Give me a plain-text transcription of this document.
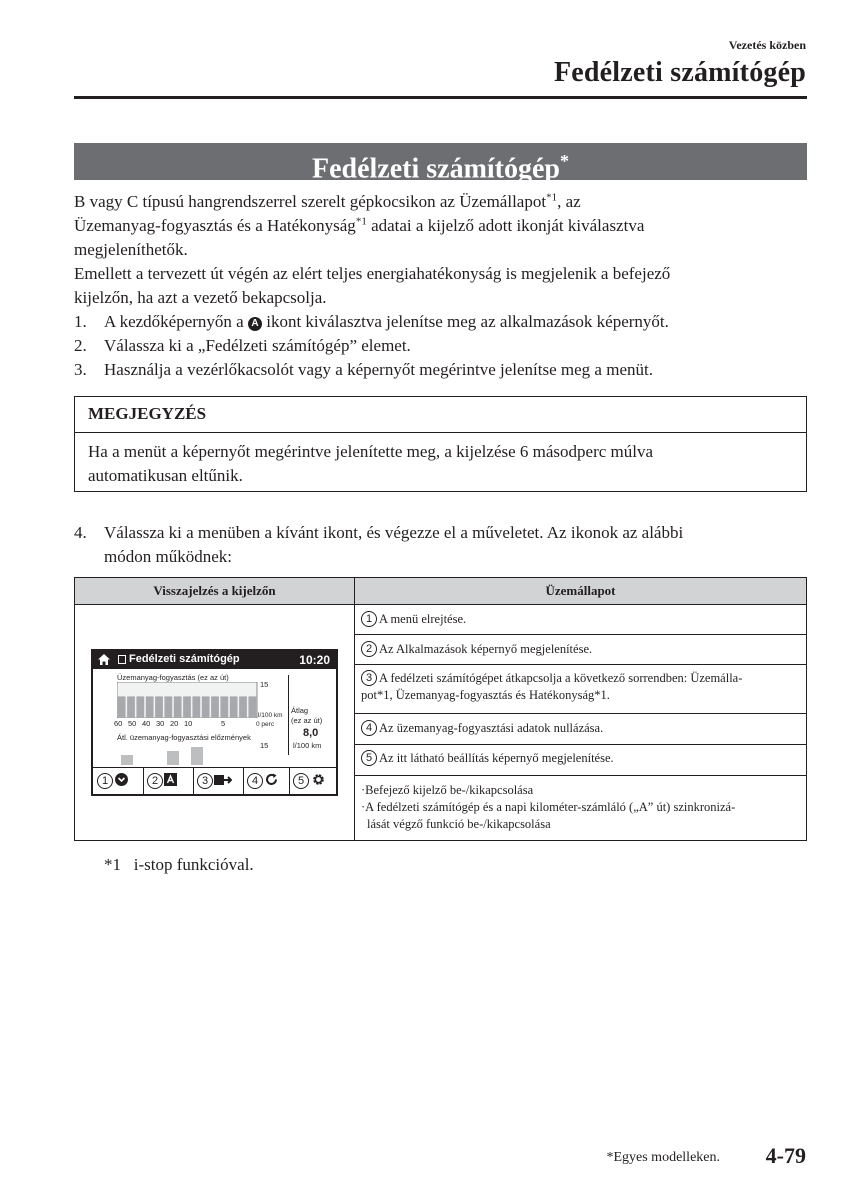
Vezetés közben
Fedélzeti számítógép
Fedélzeti számítógép*
B vagy C típusú hangrendszerrel szerelt gépkocsikon az Üzemállapot$^{*1}$, az
Üzemanyag-fogyasztás és a Hatékonyság$^{*1}$ adatai a kijelző adott ikonját kiválasztva
megjeleníthetők.
Emellett a tervezett út végén az elért teljes energiahatékonyság is megjelenik a befejező
kijelzőn, ha azt a vezető bekapcsolja.
1. A kezdőképernyőn a A ikont kiválasztva jelenítse meg az alkalmazások képernyőt.
2. Válassza ki a „Fedélzeti számítógép” elemet.
3. Használja a vezérlőkacsolót vagy a képernyőt megérintve jelenítse meg a menüt.
MEGJEGYZÉS
Ha a menüt a képernyőt megérintve jelenítette meg, a kijelzése 6 másodperc múlva
automatikusan eltűnik.
4. Válassza ki a menüben a kívánt ikont, és végezze el a műveletet. Az ikonok az alábbi
módon működnek:
Visszajelzés a kijelzőn	Üzemállapot
1 A menü elrejtése.
2 Az Alkalmazások képernyő megjelenítése.
3 A fedélzeti számítógépet átkapcsolja a következő sorrendben: Üzemálla-
pot*1, Üzemanyag-fogyasztás és Hatékonyság*1.
4 Az üzemanyag-fogyasztási adatok nullázása.
5 Az itt látható beállítás képernyő megjelenítése.
·Befejező kijelző be-/kikapcsolása
·A fedélzeti számítógép és a napi kilométer-számláló („A” út) szinkronizá-
lását végző funkció be-/kikapcsolása
Fedélzeti számítógép	10:20
Üzemanyag-fogyasztás (ez az út)
15
l/100 km
0 perc
60 50 40 30 20 10	5
Átlag
(ez az út)
8,0
l/100 km
Átl. üzemanyag-fogyasztási előzmények
15
1	2	3	4	5
*1 i-stop funkcióval.
*Egyes modelleken.	4-79
